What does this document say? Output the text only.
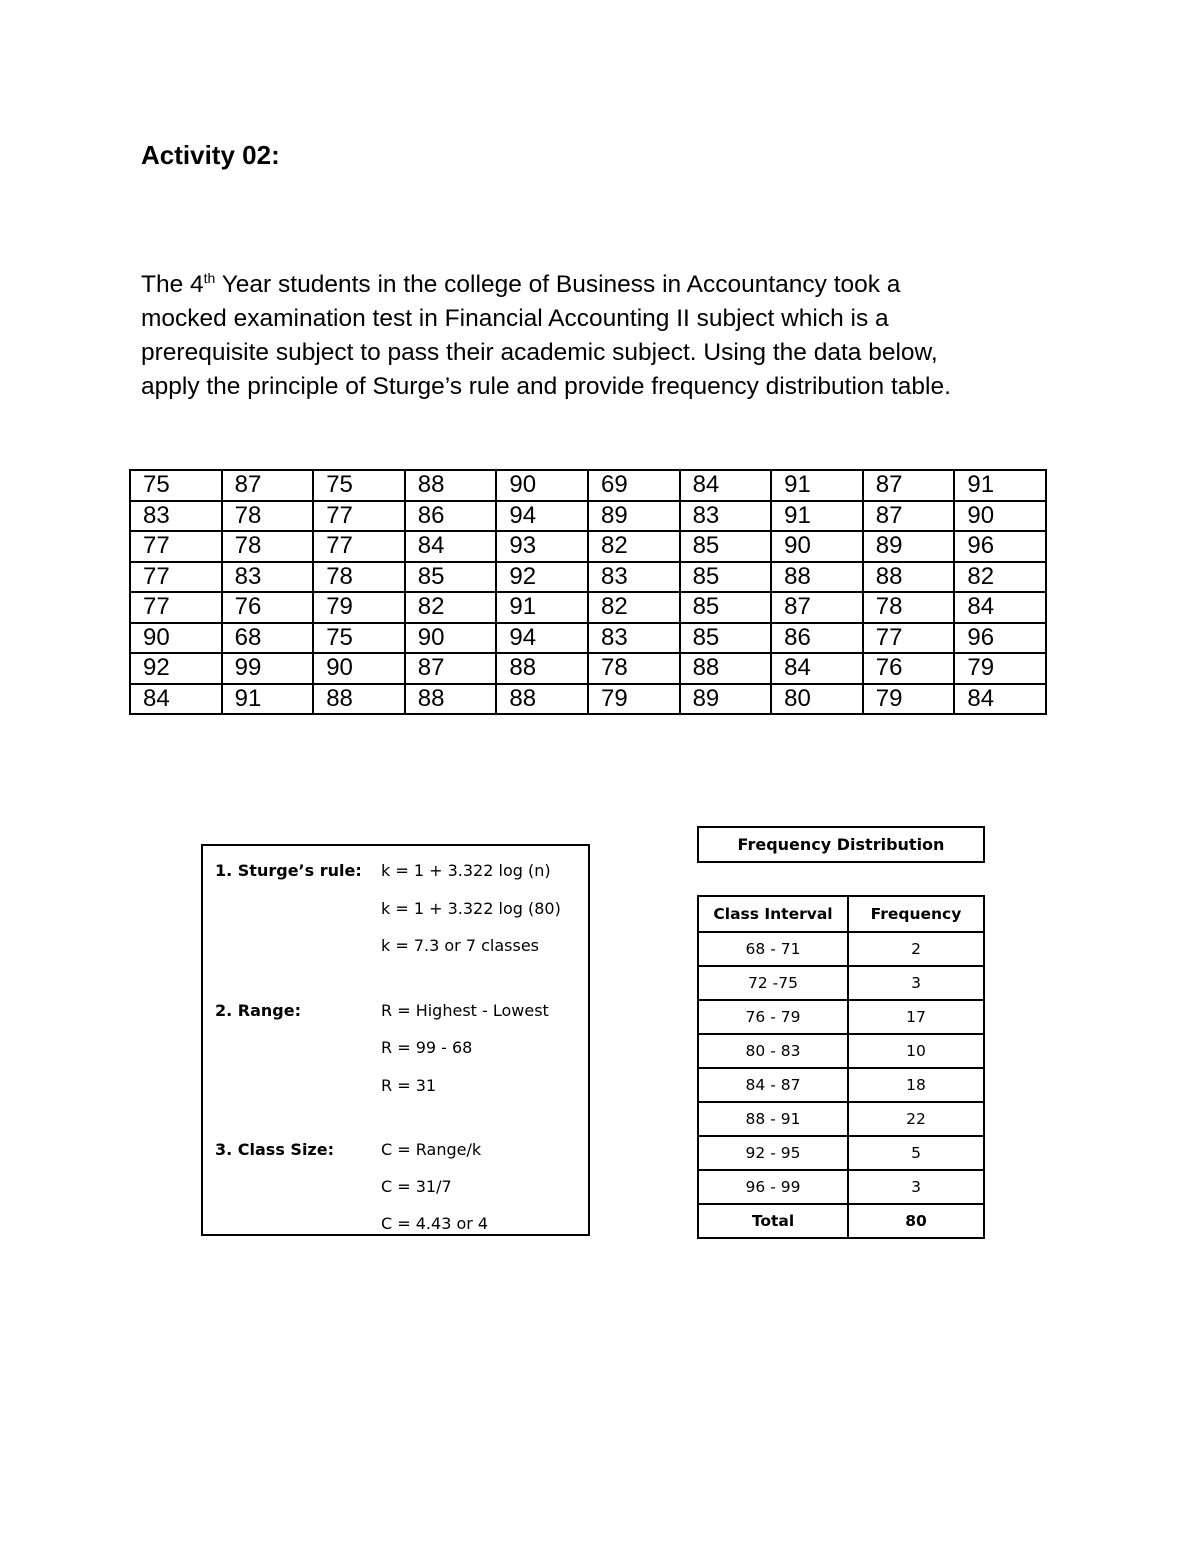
Activity 02:
The 4th Year students in the college of Business in Accountancy took a
mocked examination test in Financial Accounting II subject which is a
prerequisite subject to pass their academic subject. Using the data below,
apply the principle of Sturge’s rule and provide frequency distribution table.
75	87	75	88	90	69	84	91	87	91
83	78	77	86	94	89	83	91	87	90
77	78	77	84	93	82	85	90	89	96
77	83	78	85	92	83	85	88	88	82
77	76	79	82	91	82	85	87	78	84
90	68	75	90	94	83	85	86	77	96
92	99	90	87	88	78	88	84	76	79
84	91	88	88	88	79	89	80	79	84
1. Sturge’s rule: k = 1 + 3.322 log (n)
k = 1 + 3.322 log (80)
k = 7.3 or 7 classes
2. Range:	R = Highest - Lowest
R = 99 - 68
R = 31
3. Class Size:	C = Range/k
C = 31/7
C = 4.43 or 4
Frequency Distribution
Class Interval	Frequency
68 - 71	2
72 -75	3
76 - 79	17
80 - 83	10
84 - 87	18
88 - 91	22
92 - 95	5
96 - 99	3
Total	80
